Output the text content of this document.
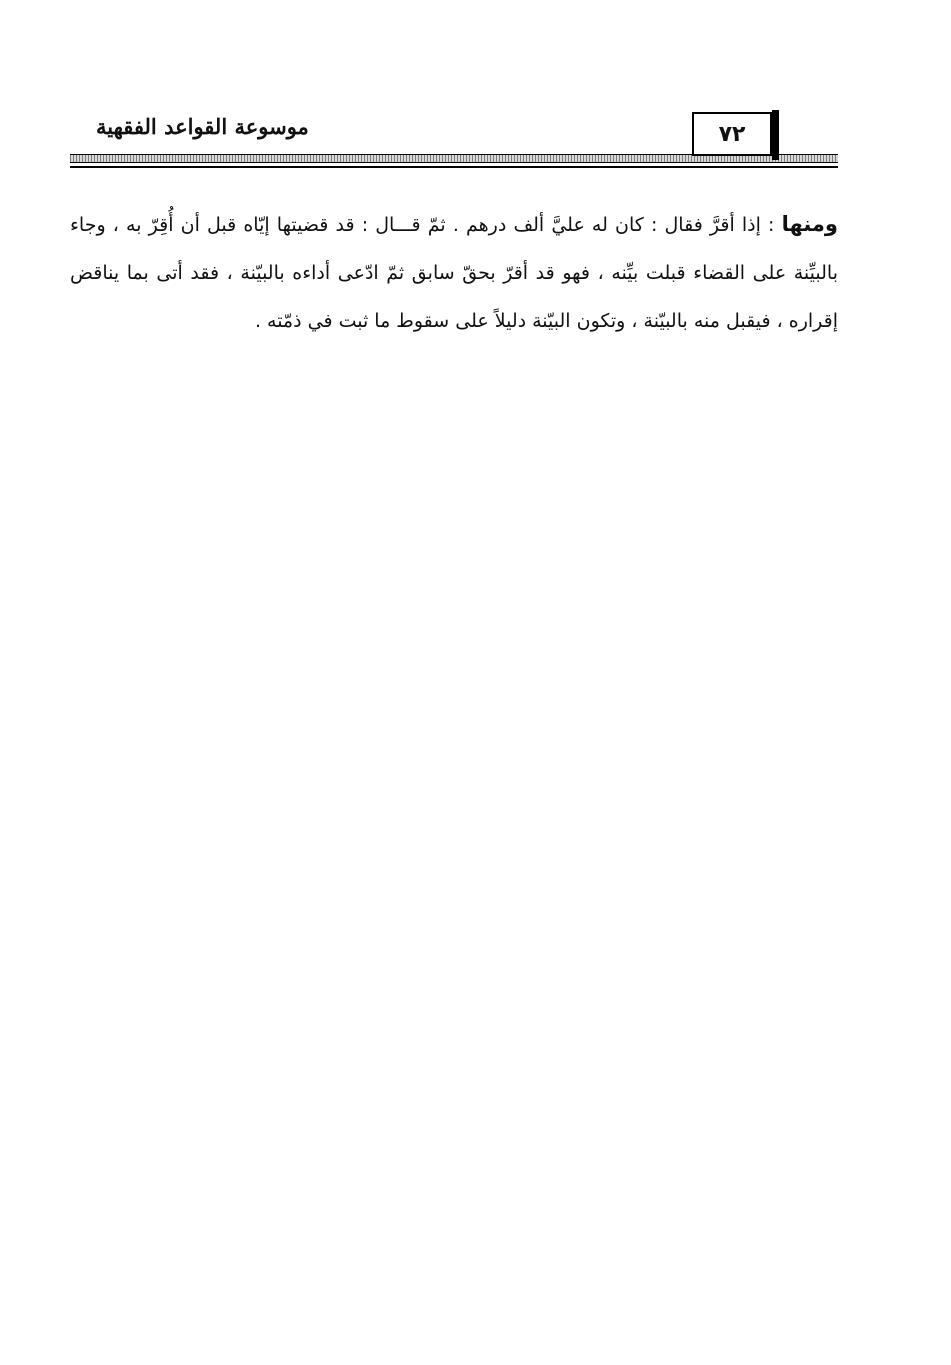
موسوعة القواعد الفقهية	٧٢

ومنها : إذا أقرَّ فقال : كان له عليَّ ألف درهم . ثمّ قـــال : قد قضيتها إيّاه قبل أن أُقِرّ به ، وجاء بالبيِّنة على القضاء قبلت بيِّنه ، فهو قد أقرّ بحقّ سابق ثمّ ادّعى أداءه بالبيّنة ، فقد أتى بما يناقض إقراره ، فيقبل منه بالبيّنة ، وتكون البيّنة دليلاً على سقوط ما ثبت في ذمّته .
